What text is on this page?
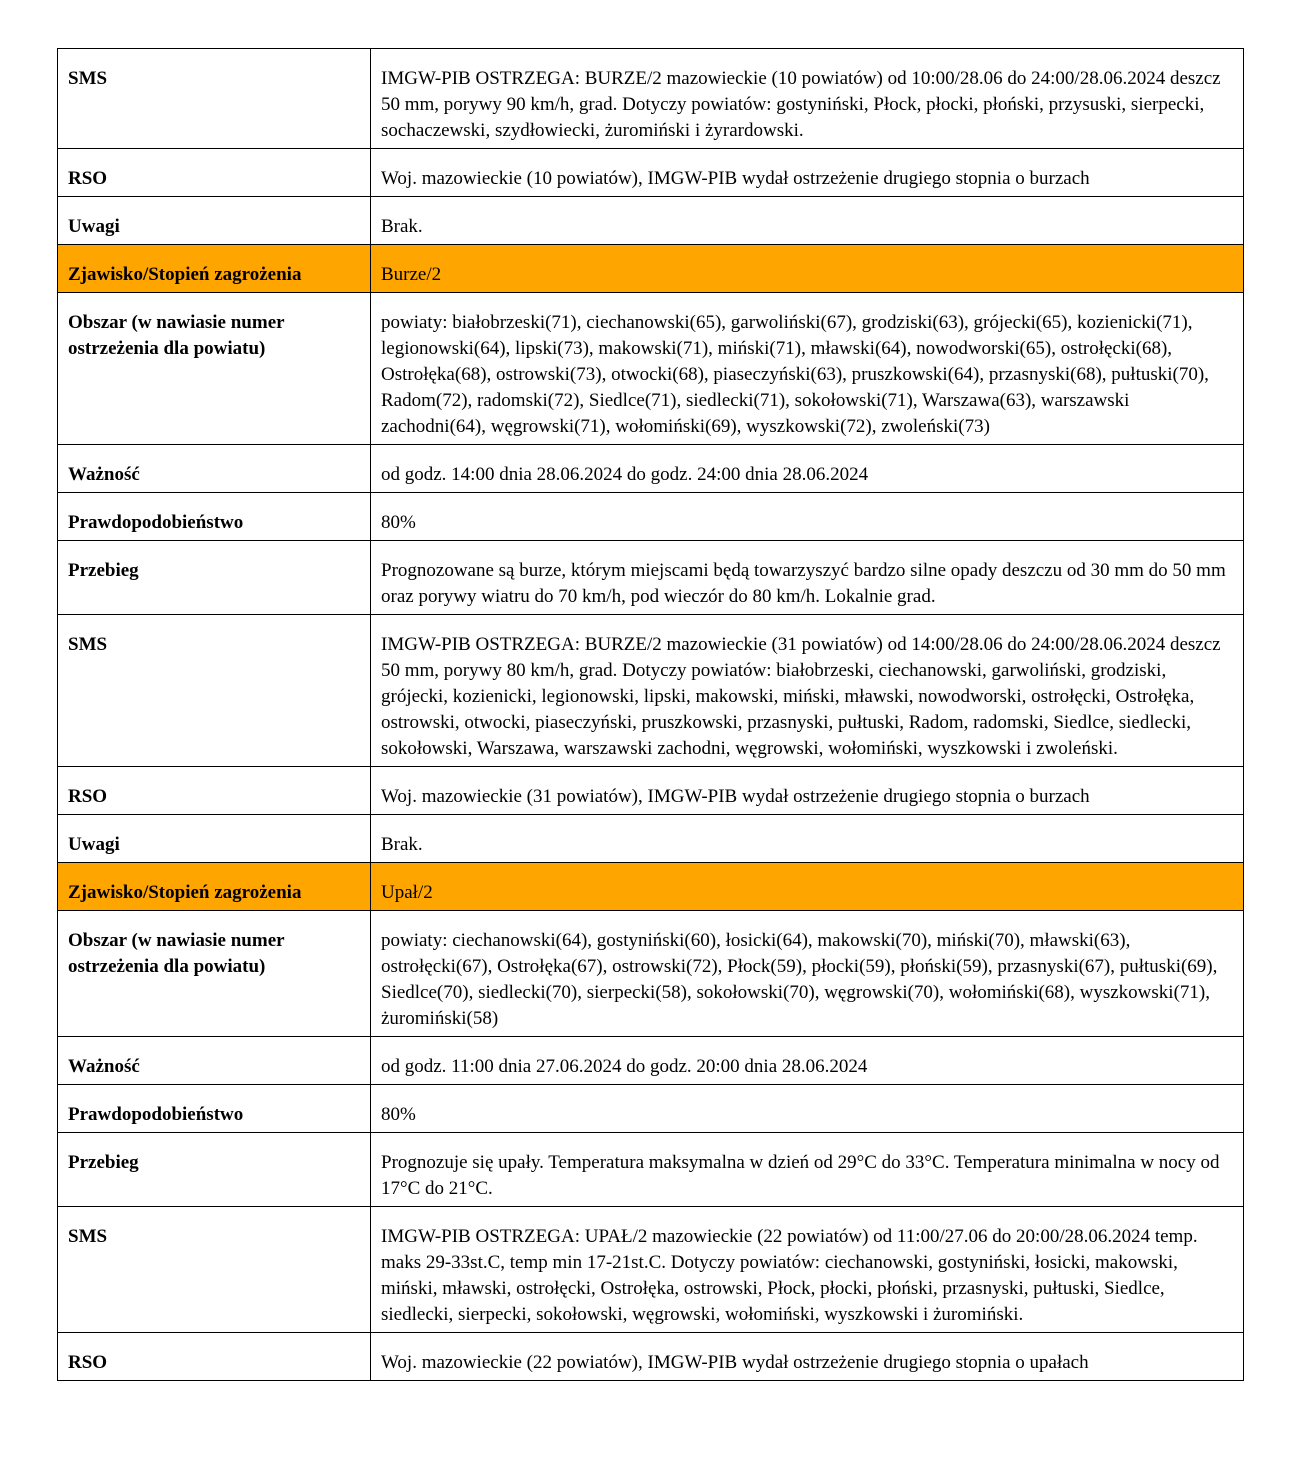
SMS	IMGW-PIB OSTRZEGA: BURZE/2 mazowieckie (10 powiatów) od 10:00/28.06 do 24:00/28.06.2024 deszcz 50 mm, porywy 90 km/h, grad. Dotyczy powiatów: gostyniński, Płock, płocki, płoński, przysuski, sierpecki, sochaczewski, szydłowiecki, żuromiński i żyrardowski.
RSO	Woj. mazowieckie (10 powiatów), IMGW-PIB wydał ostrzeżenie drugiego stopnia o burzach
Uwagi	Brak.
Zjawisko/Stopień zagrożenia	Burze/2
Obszar (w nawiasie numer ostrzeżenia dla powiatu)	powiaty: białobrzeski(71), ciechanowski(65), garwoliński(67), grodziski(63), grójecki(65), kozienicki(71), legionowski(64), lipski(73), makowski(71), miński(71), mławski(64), nowodworski(65), ostrołęcki(68), Ostrołęka(68), ostrowski(73), otwocki(68), piaseczyński(63), pruszkowski(64), przasnyski(68), pułtuski(70), Radom(72), radomski(72), Siedlce(71), siedlecki(71), sokołowski(71), Warszawa(63), warszawski zachodni(64), węgrowski(71), wołomiński(69), wyszkowski(72), zwoleński(73)
Ważność	od godz. 14:00 dnia 28.06.2024 do godz. 24:00 dnia 28.06.2024
Prawdopodobieństwo	80%
Przebieg	Prognozowane są burze, którym miejscami będą towarzyszyć bardzo silne opady deszczu od 30 mm do 50 mm oraz porywy wiatru do 70 km/h, pod wieczór do 80 km/h. Lokalnie grad.
SMS	IMGW-PIB OSTRZEGA: BURZE/2 mazowieckie (31 powiatów) od 14:00/28.06 do 24:00/28.06.2024 deszcz 50 mm, porywy 80 km/h, grad. Dotyczy powiatów: białobrzeski, ciechanowski, garwoliński, grodziski, grójecki, kozienicki, legionowski, lipski, makowski, miński, mławski, nowodworski, ostrołęcki, Ostrołęka, ostrowski, otwocki, piaseczyński, pruszkowski, przasnyski, pułtuski, Radom, radomski, Siedlce, siedlecki, sokołowski, Warszawa, warszawski zachodni, węgrowski, wołomiński, wyszkowski i zwoleński.
RSO	Woj. mazowieckie (31 powiatów), IMGW-PIB wydał ostrzeżenie drugiego stopnia o burzach
Uwagi	Brak.
Zjawisko/Stopień zagrożenia	Upał/2
Obszar (w nawiasie numer ostrzeżenia dla powiatu)	powiaty: ciechanowski(64), gostyniński(60), łosicki(64), makowski(70), miński(70), mławski(63), ostrołęcki(67), Ostrołęka(67), ostrowski(72), Płock(59), płocki(59), płoński(59), przasnyski(67), pułtuski(69), Siedlce(70), siedlecki(70), sierpecki(58), sokołowski(70), węgrowski(70), wołomiński(68), wyszkowski(71), żuromiński(58)
Ważność	od godz. 11:00 dnia 27.06.2024 do godz. 20:00 dnia 28.06.2024
Prawdopodobieństwo	80%
Przebieg	Prognozuje się upały. Temperatura maksymalna w dzień od 29°C do 33°C. Temperatura minimalna w nocy od 17°C do 21°C.
SMS	IMGW-PIB OSTRZEGA: UPAŁ/2 mazowieckie (22 powiatów) od 11:00/27.06 do 20:00/28.06.2024 temp. maks 29-33st.C, temp min 17-21st.C. Dotyczy powiatów: ciechanowski, gostyniński, łosicki, makowski, miński, mławski, ostrołęcki, Ostrołęka, ostrowski, Płock, płocki, płoński, przasnyski, pułtuski, Siedlce, siedlecki, sierpecki, sokołowski, węgrowski, wołomiński, wyszkowski i żuromiński.
RSO	Woj. mazowieckie (22 powiatów), IMGW-PIB wydał ostrzeżenie drugiego stopnia o upałach
